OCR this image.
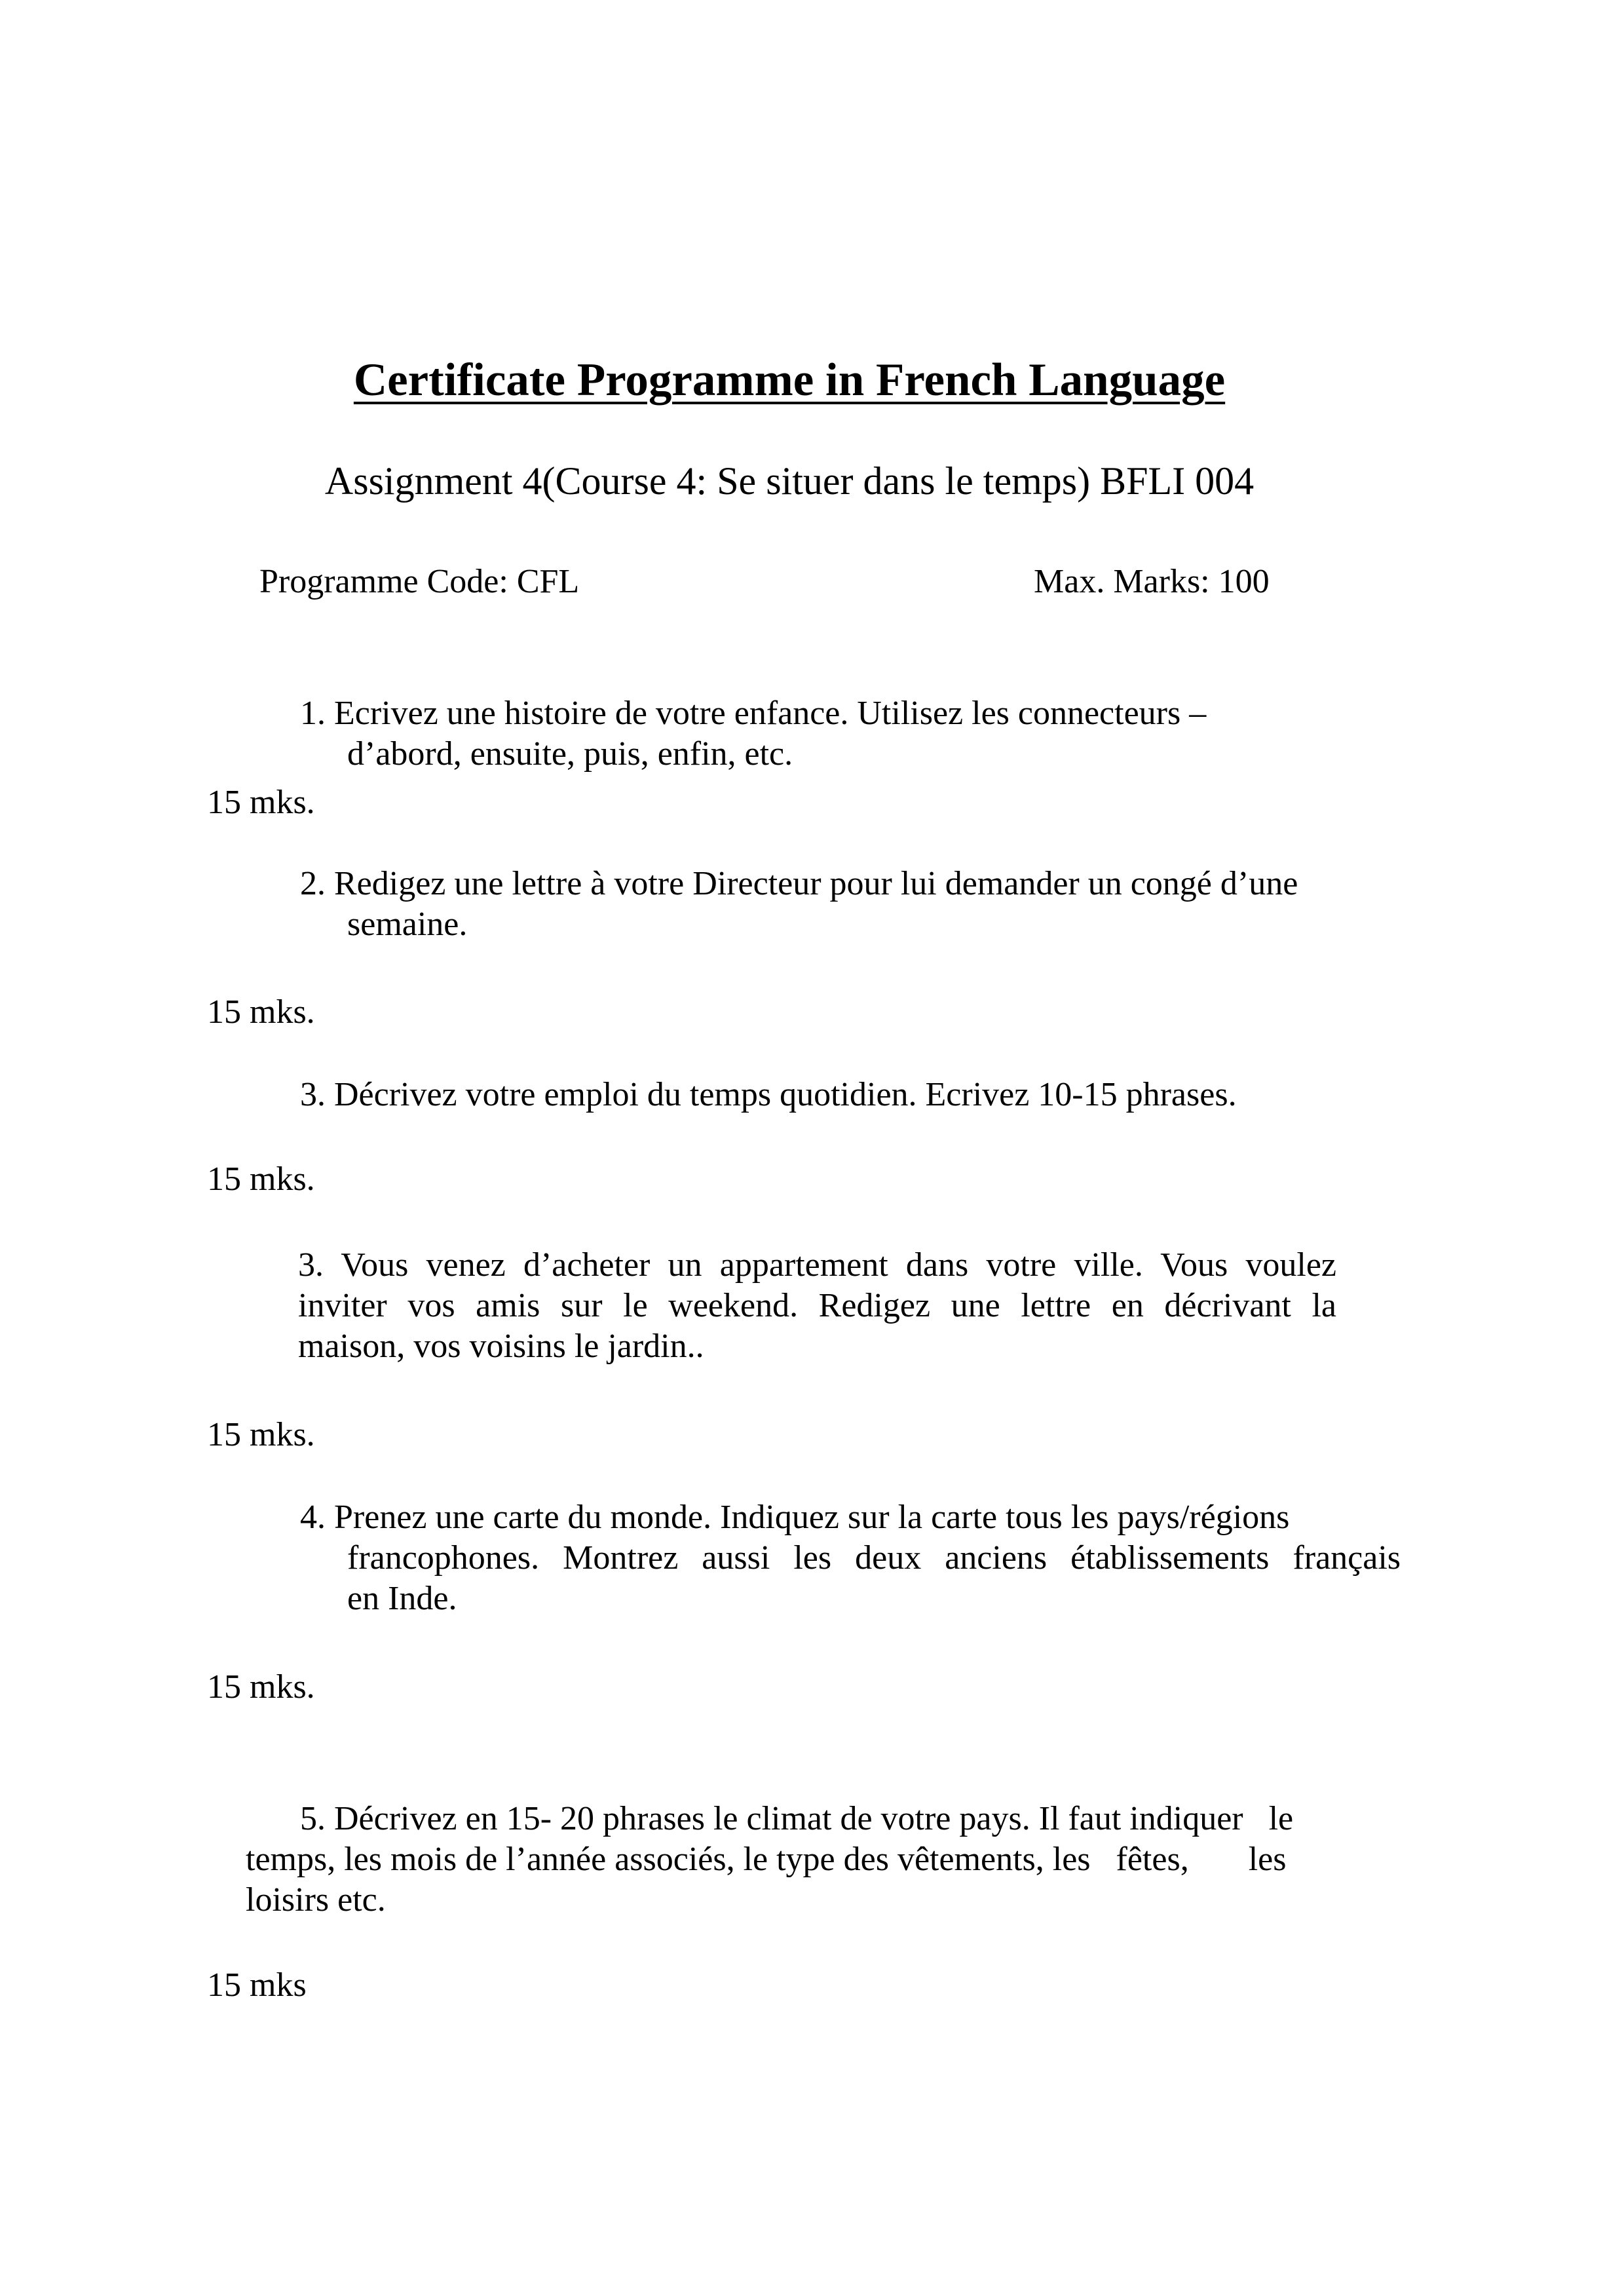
Certificate Programme in French Language
Assignment 4(Course 4: Se situer dans le temps) BFLI 004
Programme Code: CFL	Max. Marks: 100
1. Ecrivez une histoire de votre enfance. Utilisez les connecteurs –
d’abord, ensuite, puis, enfin, etc.
15 mks.
2. Redigez une lettre à votre Directeur pour lui demander un congé d’une
semaine.
15 mks.
3. Décrivez votre emploi du temps quotidien. Ecrivez 10-15 phrases.
15 mks.
3. Vous venez d’acheter un appartement dans votre ville. Vous voulez
inviter vos amis sur le weekend. Redigez une lettre en décrivant la
maison, vos voisins le jardin..
15 mks.
4. Prenez une carte du monde. Indiquez sur la carte tous les pays/régions
francophones. Montrez aussi les deux anciens établissements français
en Inde.
15 mks.
5. Décrivez en 15- 20 phrases le climat de votre pays. Il faut indiquer   le
temps, les mois de l’année associés, le type des vêtements, les   fêtes,       les
loisirs etc.
15 mks
